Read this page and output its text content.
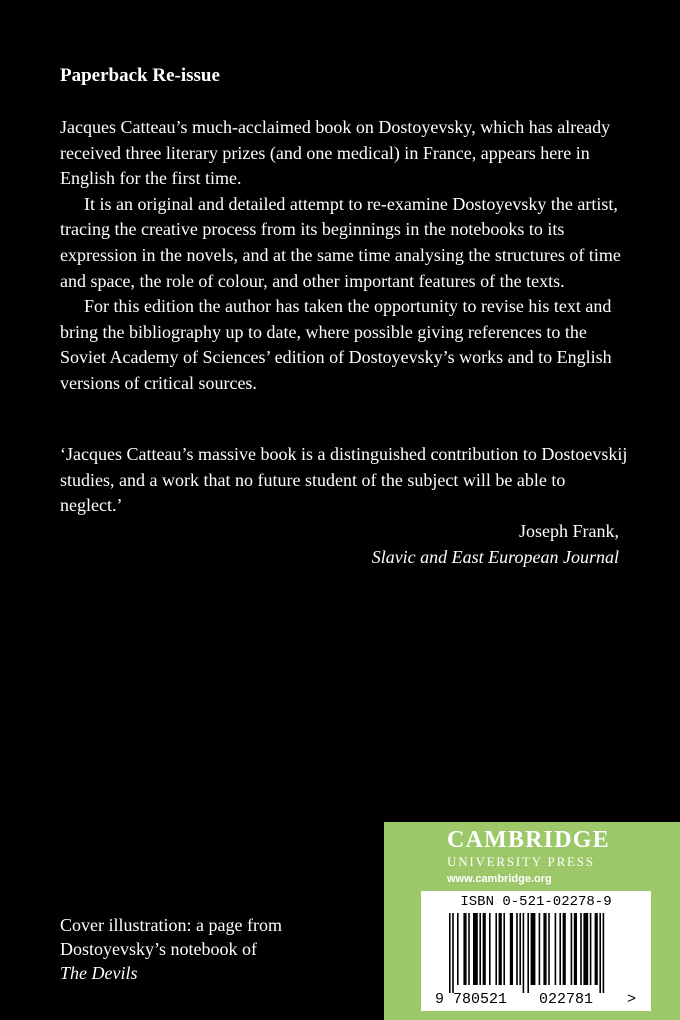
Paperback Re-issue

Jacques Catteau’s much-acclaimed book on Dostoyevsky, which has already received three literary prizes (and one medical) in France, appears here in English for the first time.

It is an original and detailed attempt to re-examine Dostoyevsky the artist, tracing the creative process from its beginnings in the notebooks to its expression in the novels, and at the same time analysing the structures of time and space, the role of colour, and other important features of the texts.

For this edition the author has taken the opportunity to revise his text and bring the bibliography up to date, where possible giving references to the Soviet Academy of Sciences’ edition of Dostoyevsky’s works and to English versions of critical sources.

‘Jacques Catteau’s massive book is a distinguished contribution to Dostoevskij studies, and a work that no future student of the subject will be able to neglect.’

Joseph Frank,
Slavic and East European Journal
Cover illustration: a page from Dostoyevsky’s notebook of
The Devils
CAMBRIDGE
UNIVERSITY PRESS
www.cambridge.org
ISBN 0-521-02278-9
9 780521 022781 >
